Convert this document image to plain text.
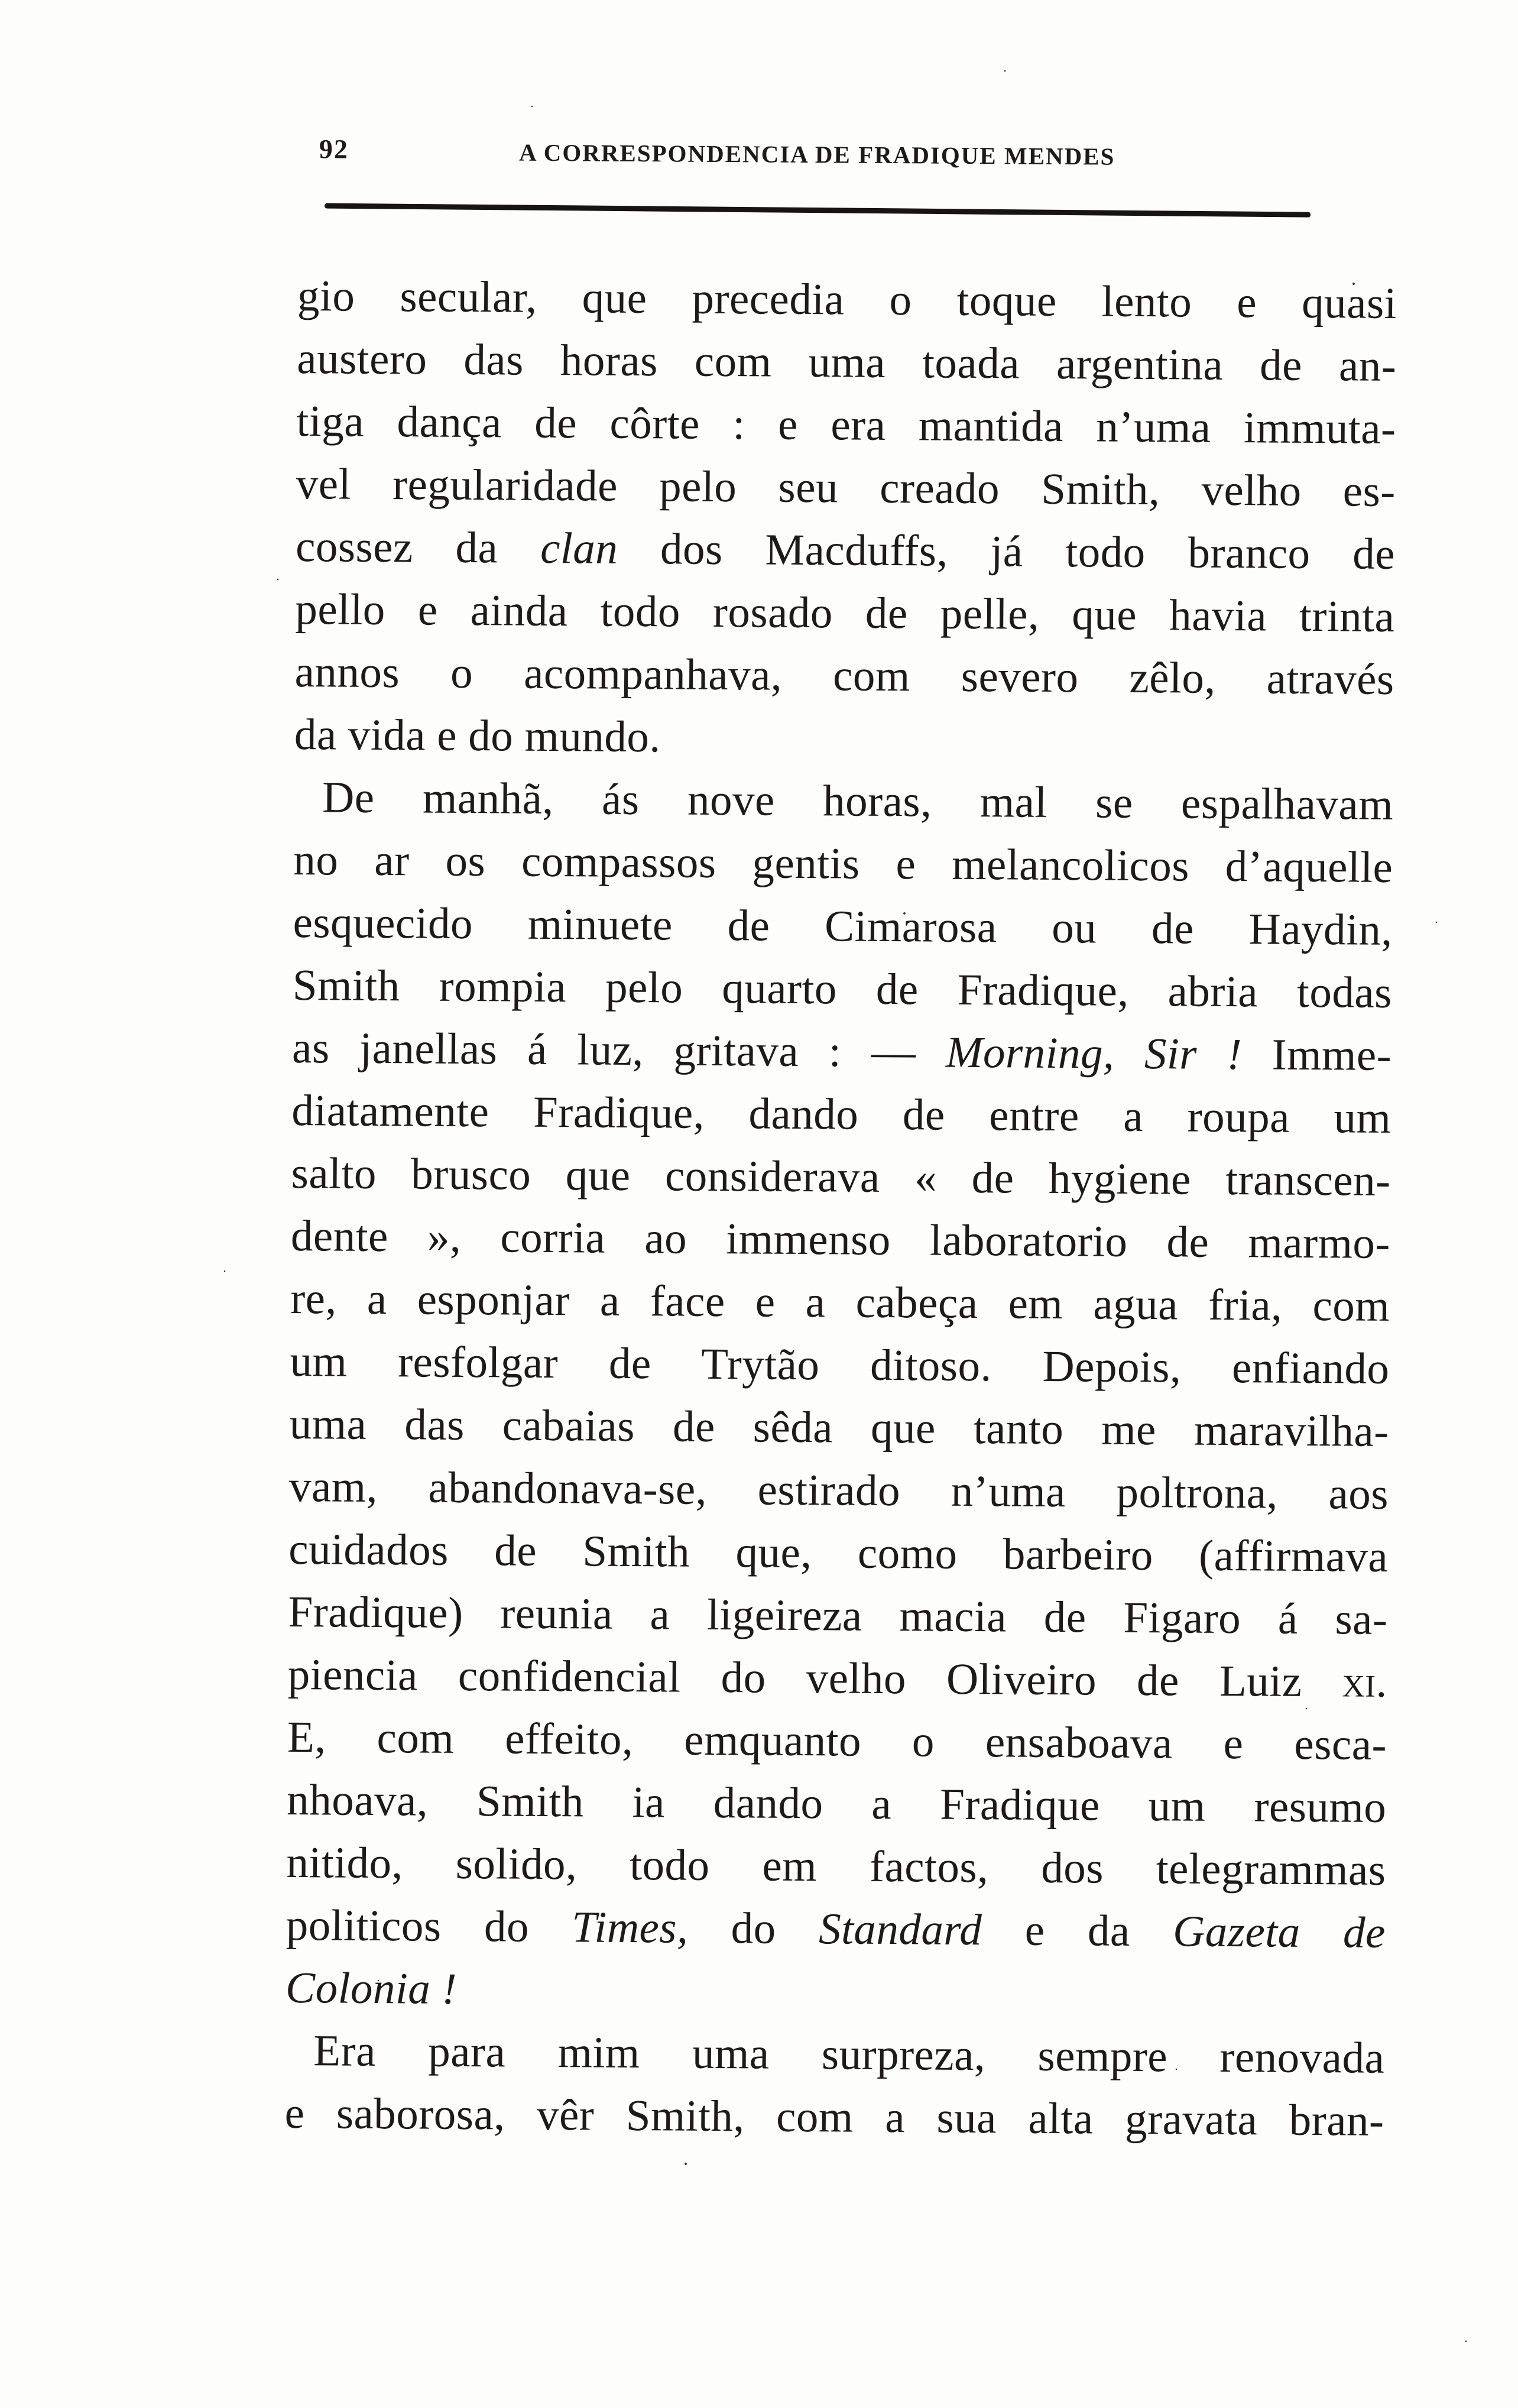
92	A CORRESPONDENCIA DE FRADIQUE MENDES
gio secular, que precedia o toque lento e quasi
austero das horas com uma toada argentina de an-
tiga dança de côrte : e era mantida n’uma immuta-
vel regularidade pelo seu creado Smith, velho es-
cossez da clan dos Macduffs, já todo branco de
pello e ainda todo rosado de pelle, que havia trinta
annos o acompanhava, com severo zêlo, através
da vida e do mundo.
De manhã, ás nove horas, mal se espalhavam
no ar os compassos gentis e melancolicos d’aquelle
esquecido minuete de Cimarosa ou de Haydin,
Smith rompia pelo quarto de Fradique, abria todas
as janellas á luz, gritava : — Morning, Sir ! Imme-
diatamente Fradique, dando de entre a roupa um
salto brusco que considerava « de hygiene transcen-
dente », corria ao immenso laboratorio de marmo-
re, a esponjar a face e a cabeça em agua fria, com
um resfolgar de Trytão ditoso. Depois, enfiando
uma das cabaias de sêda que tanto me maravilha-
vam, abandonava-se, estirado n’uma poltrona, aos
cuidados de Smith que, como barbeiro (affirmava
Fradique) reunia a ligeireza macia de Figaro á sa-
piencia confidencial do velho Oliveiro de Luiz xi.
E, com effeito, emquanto o ensaboava e esca-
nhoava, Smith ia dando a Fradique um resumo
nitido, solido, todo em factos, dos telegrammas
politicos do Times, do Standard e da Gazeta de
Colonia !
Era para mim uma surpreza, sempre renovada
e saborosa, vêr Smith, com a sua alta gravata bran-
